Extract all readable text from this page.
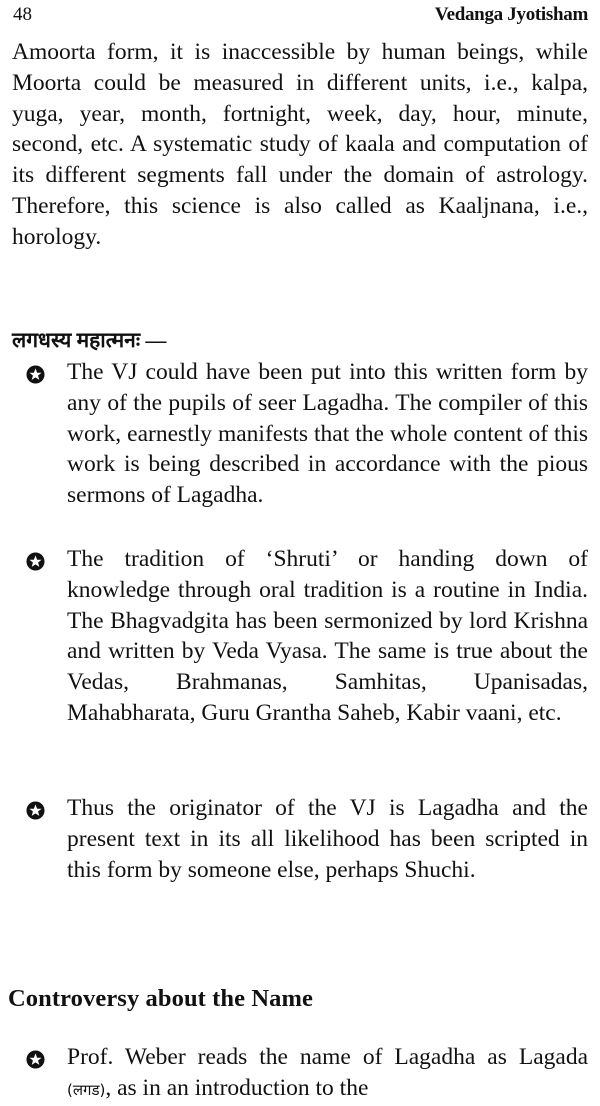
48	Vedanga Jyotisham

Amoorta form, it is inaccessible by human beings, while Moorta could be measured in different units, i.e., kalpa, yuga, year, month, fortnight, week, day, hour, minute, second, etc. A systematic study of kaala and computation of its different segments fall under the domain of astrology. Therefore, this science is also called as Kaaljnana, i.e., horology.

लगधस्य महात्मनः —

The VJ could have been put into this written form by any of the pupils of seer Lagadha. The compiler of this work, earnestly manifests that the whole content of this work is being described in accordance with the pious sermons of Lagadha.

The tradition of ‘Shruti’ or handing down of knowledge through oral tradition is a routine in India. The Bhagvadgita has been sermonized by lord Krishna and written by Veda Vyasa. The same is true about the Vedas, Brahmanas, Samhitas, Upanisadas, Mahabharata, Guru Grantha Saheb, Kabir vaani, etc.

Thus the originator of the VJ is Lagadha and the present text in its all likelihood has been scripted in this form by someone else, perhaps Shuchi.

Controversy about the Name

Prof. Weber reads the name of Lagadha as Lagada (लगड), as in an introduction to the
